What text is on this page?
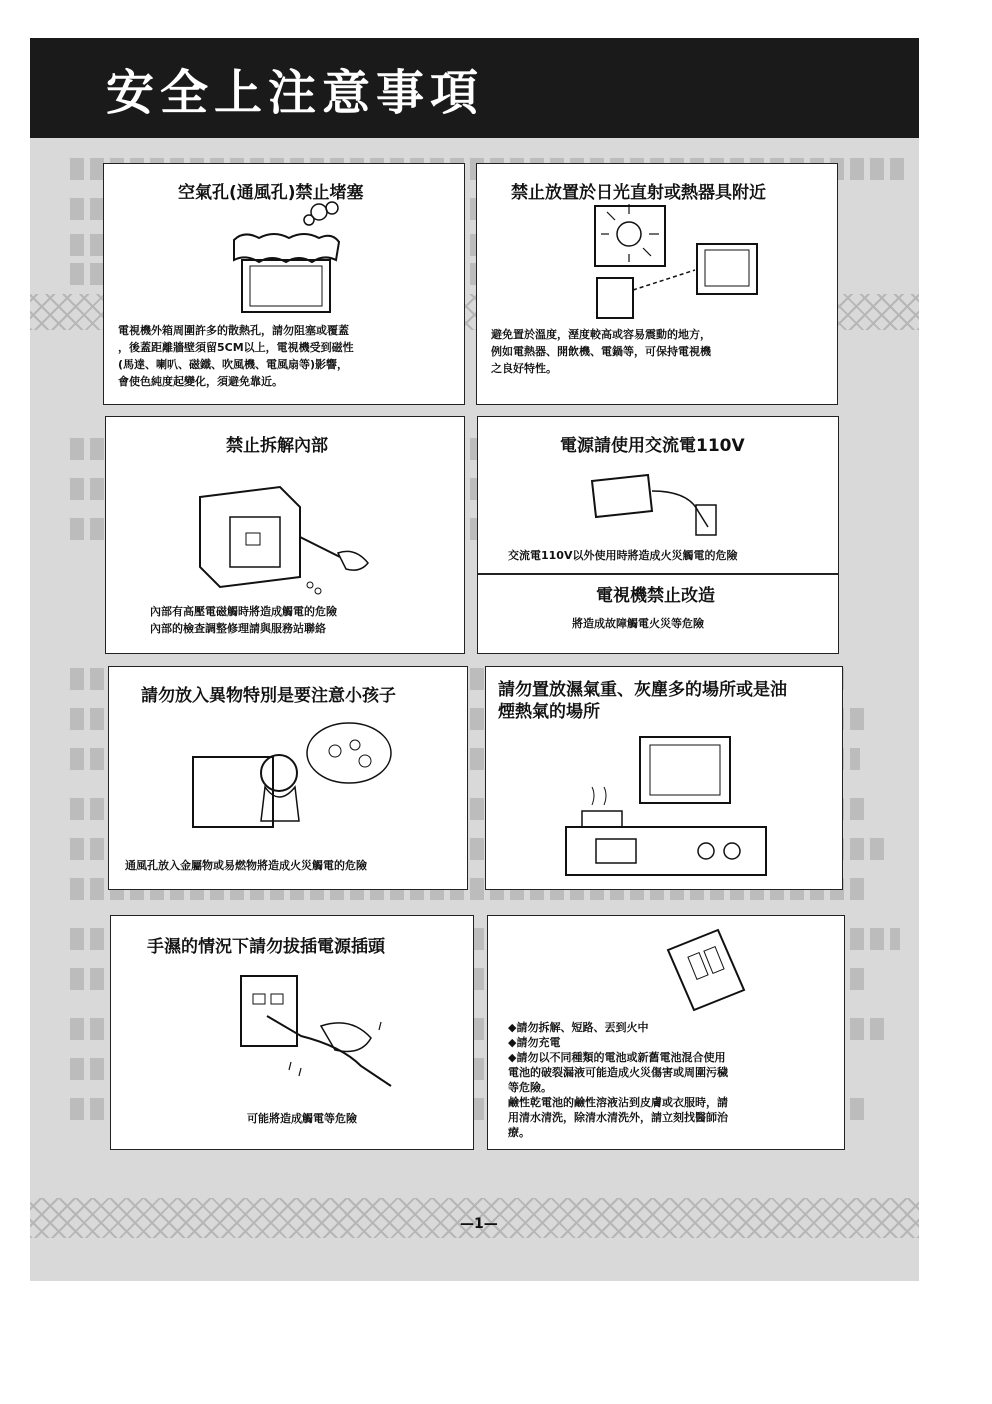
安全上注意事項
空氣孔(通風孔)禁止堵塞
電視機外箱周圍許多的散熱孔，請勿阻塞或覆蓋
，後蓋距離牆壁須留5CM以上，電視機受到磁性
(馬達、喇叭、磁鐵、吹風機、電風扇等)影響，
會使色純度起變化，須避免靠近。
禁止放置於日光直射或熱器具附近
避免置於溫度，溼度較高或容易震動的地方，
例如電熱器、開飲機、電鍋等，可保持電視機
之良好特性。
禁止拆解內部
內部有高壓電磁觸時將造成觸電的危險
內部的檢查調整修理請與服務站聯絡
電源請使用交流電110V
交流電110V以外使用時將造成火災觸電的危險
電視機禁止改造
將造成故障觸電火災等危險
請勿放入異物特別是要注意小孩子
通風孔放入金屬物或易燃物將造成火災觸電的危險
請勿置放濕氣重、灰塵多的場所或是油
煙熱氣的場所
手濕的情況下請勿拔插電源插頭
可能將造成觸電等危險
◆請勿拆解、短路、丟到火中
◆請勿充電
◆請勿以不同種類的電池或新舊電池混合使用
電池的破裂漏液可能造成火災傷害或周圍污穢
等危險。
鹼性乾電池的鹼性溶液沾到皮膚或衣服時，請
用清水清洗，除清水清洗外，請立刻找醫師治
療。
—1—
